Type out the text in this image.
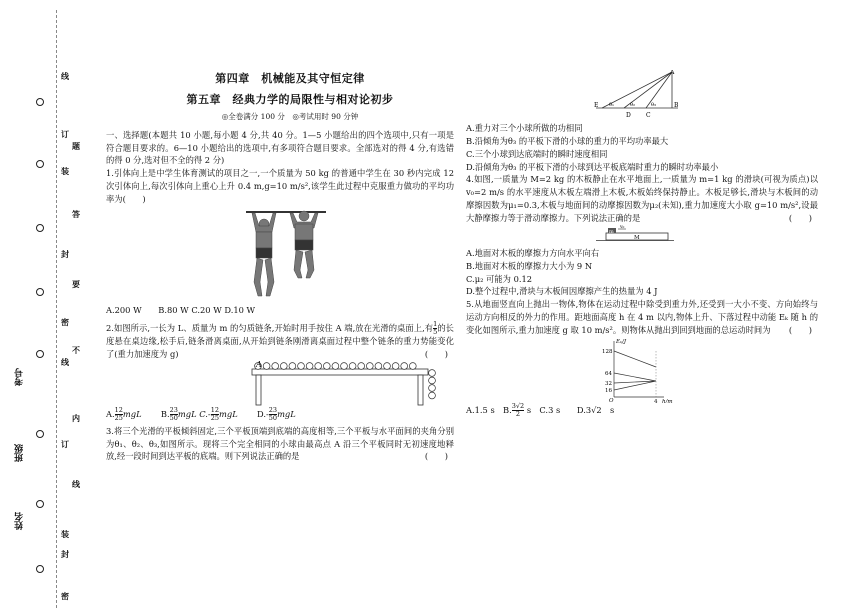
线
订
题
装
答
封
要
密
不
线
内
订
线
装
封
密
考号
班级
姓名
第四章　机械能及其守恒定律
第五章　经典力学的局限性与相对论初步
◎全卷满分 100 分　◎考试用时 90 分钟

一、选择题(本题共 10 小题,每小题 4 分,共 40 分。1—5 小题给出的四个选项中,只有一项是符合题目要求的。6—10 小题给出的选项中,有多项符合题目要求。全部选对的得 4 分,有选错的得 0 分,选对但不全的得 2 分)

1.引体向上是中学生体育测试的项目之一,一个质量为 50 kg 的普通中学生在 30 秒内完成 12 次引体向上,每次引体向上重心上升 0.4 m,g=10 m/s²,该学生此过程中克服重力做功的平均功率为(　　)

A.200 W　　B.80 W C.20 W D.10 W

2.如图所示,一长为 L、质量为 m 的匀质链条,开始时用手按住 A 端,放在光滑的桌面上,有 $\frac{1}{5}$ 的长度悬在桌边缘,松手后,链条滑离桌面,从开始到链条刚滑离桌面过程中整个链条的重力势能变化了(重力加速度为 g)	(　　)

A

A. $\frac{12}{25}$ mgL　　 B. $\frac{23}{50}$ mgL $C.- \frac{12}{25}$ mgL　　 $D.- \frac{23}{50}$ mgL

3.将三个光滑的平板倾斜固定,三个平板顶端到底端的高度相等,三个平板与水平面间的夹角分别为θ₁、θ₂、θ₃,如图所示。现将三个完全相同的小球由最高点 A 沿三个平板同时无初速度地释放,经一段时间到达平板的底端。则下列说法正确的是	(　　)

A
E θ₁	θ₂	θ₃	B
D	C

A.重力对三个小球所做的功相同

B.沿倾角为θ₃ 的平板下滑的小球的重力的平均功率最大

C.三个小球到达底端时的瞬时速度相同

D.沿倾角为θ₃ 的平板下滑的小球到达平板底端时重力的瞬时功率最小

4.如图,一质量为 M=2 kg 的木板静止在水平地面上,一质量为 m=1 kg 的滑块(可视为质点)以 v₀=2 m/s 的水平速度从木板左端滑上木板,木板始终保持静止。木板足够长,滑块与木板间的动摩擦因数为μ₁=0.3,木板与地面间的动摩擦因数为μ₂(未知),重力加速度大小取 g=10 m/s²,设最大静摩擦力等于滑动摩擦力。下列说法正确的是	(　　)

m
v₀
M

A.地面对木板的摩擦力方向水平向右

B.地面对木板的摩擦力大小为 9 N

C.μ₂ 可能为 0.12

D.整个过程中,滑块与木板间因摩擦产生的热量为 4 J

5.从地面竖直向上抛出一物体,物体在运动过程中除受到重力外,还受到一大小不变、方向始终与运动方向相反的外力的作用。距地面高度 h 在 4 m 以内,物体上升、下落过程中动能 Eₖ 随 h 的变化如图所示,重力加速度 g 取 10 m/s²。则物体从抛出到回到地面的总运动时间为 (　　)

Eₖ/J
128
64
32
16
O	4 h/m

A.1.5 s　B. $\frac{3√2}{2}$ s　C.3 s　　D.3√2　s
